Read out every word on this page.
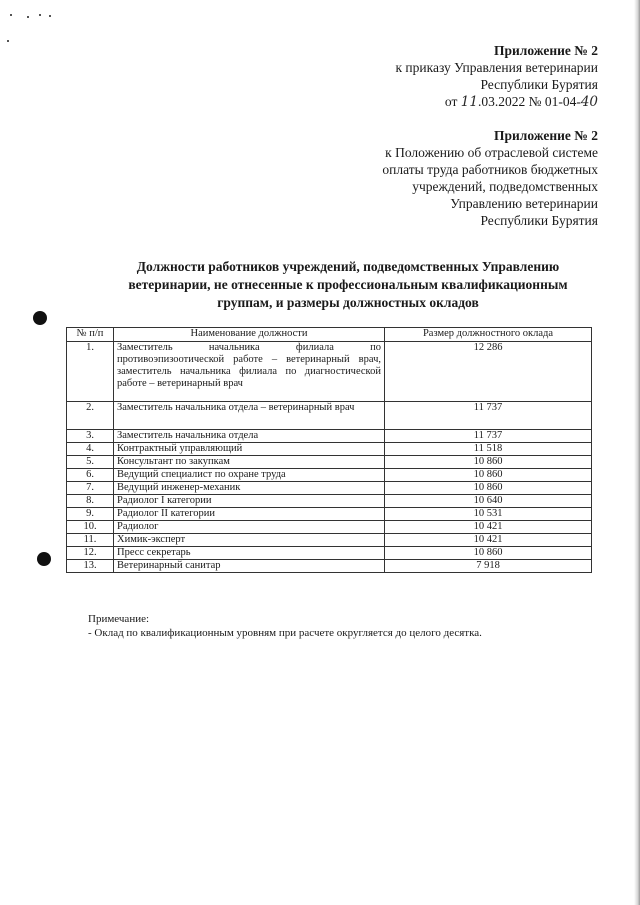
Приложение № 2
к приказу Управления ветеринарии
Республики Бурятия
от 11.03.2022 № 01-04-40
Приложение № 2
к Положению об отраслевой системе
оплаты труда работников бюджетных
учреждений, подведомственных
Управлению ветеринарии
Республики Бурятия
Должности работников учреждений, подведомственных Управлению
ветеринарии, не отнесенные к профессиональным квалификационным
группам, и размеры должностных окладов
№ п/п	Наименование должности	Размер должностного оклада
1.	Заместитель начальника филиала по противоэпизоотической работе – ветеринарный врач, заместитель начальника филиала по диагностической работе – ветеринарный врач	12 286
2.	Заместитель начальника отдела – ветеринарный врач	11 737
3.	Заместитель начальника отдела	11 737
4.	Контрактный управляющий	11 518
5.	Консультант по закупкам	10 860
6.	Ведущий специалист по охране труда	10 860
7.	Ведущий инженер-механик	10 860
8.	Радиолог I категории	10 640
9.	Радиолог II категории	10 531
10.	Радиолог	10 421
11.	Химик-эксперт	10 421
12.	Пресс секретарь	10 860
13.	Ветеринарный санитар	7 918
Примечание:
- Оклад по квалификационным уровням при расчете округляется до целого десятка.
